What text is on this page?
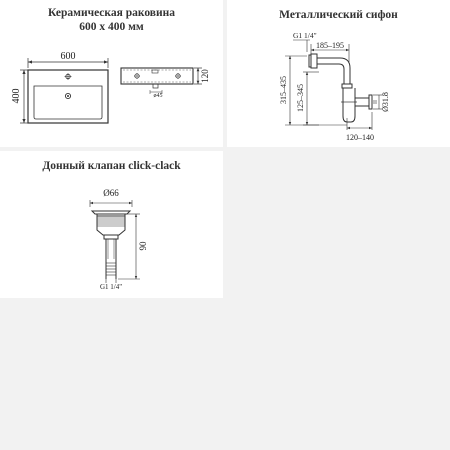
Керамическая раковина
600 x 400 мм
600
400	ø45
120
Металлический сифон
G1 1/4"
185–195
315–435 125–345	Ø31.8
120–140
Донный клапан click-clack
Ø66
90
G1 1/4"
